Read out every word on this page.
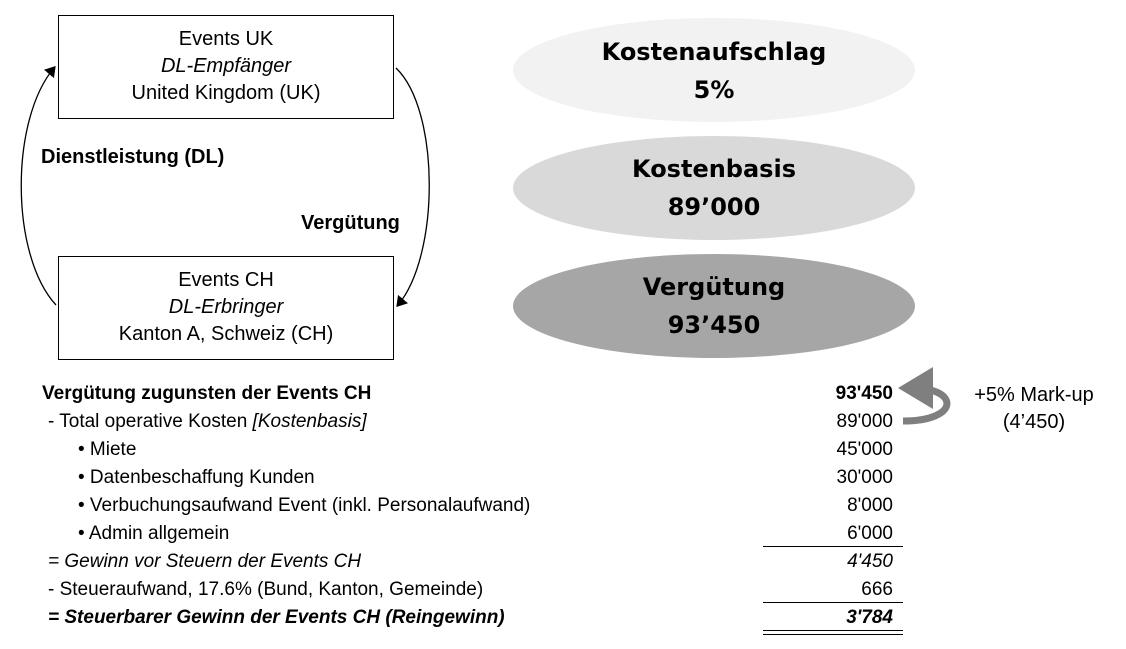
Events UK
DL-Empfänger
United Kingdom (UK)
Events CH
DL-Erbringer
Kanton A, Schweiz (CH)
Dienstleistung (DL)
Vergütung
Kostenaufschlag
5%
Kostenbasis
89’000
Vergütung
93’450
Vergütung zugunsten der Events CH	93'450
- Total operative Kosten [Kostenbasis]	89'000
• Miete	45'000
• Datenbeschaffung Kunden	30'000
• Verbuchungsaufwand Event (inkl. Personalaufwand)	8'000
• Admin allgemein	6'000
= Gewinn vor Steuern der Events CH	4'450
- Steueraufwand, 17.6% (Bund, Kanton, Gemeinde)	666
= Steuerbarer Gewinn der Events CH (Reingewinn)	3'784
+5% Mark-up
(4’450)
